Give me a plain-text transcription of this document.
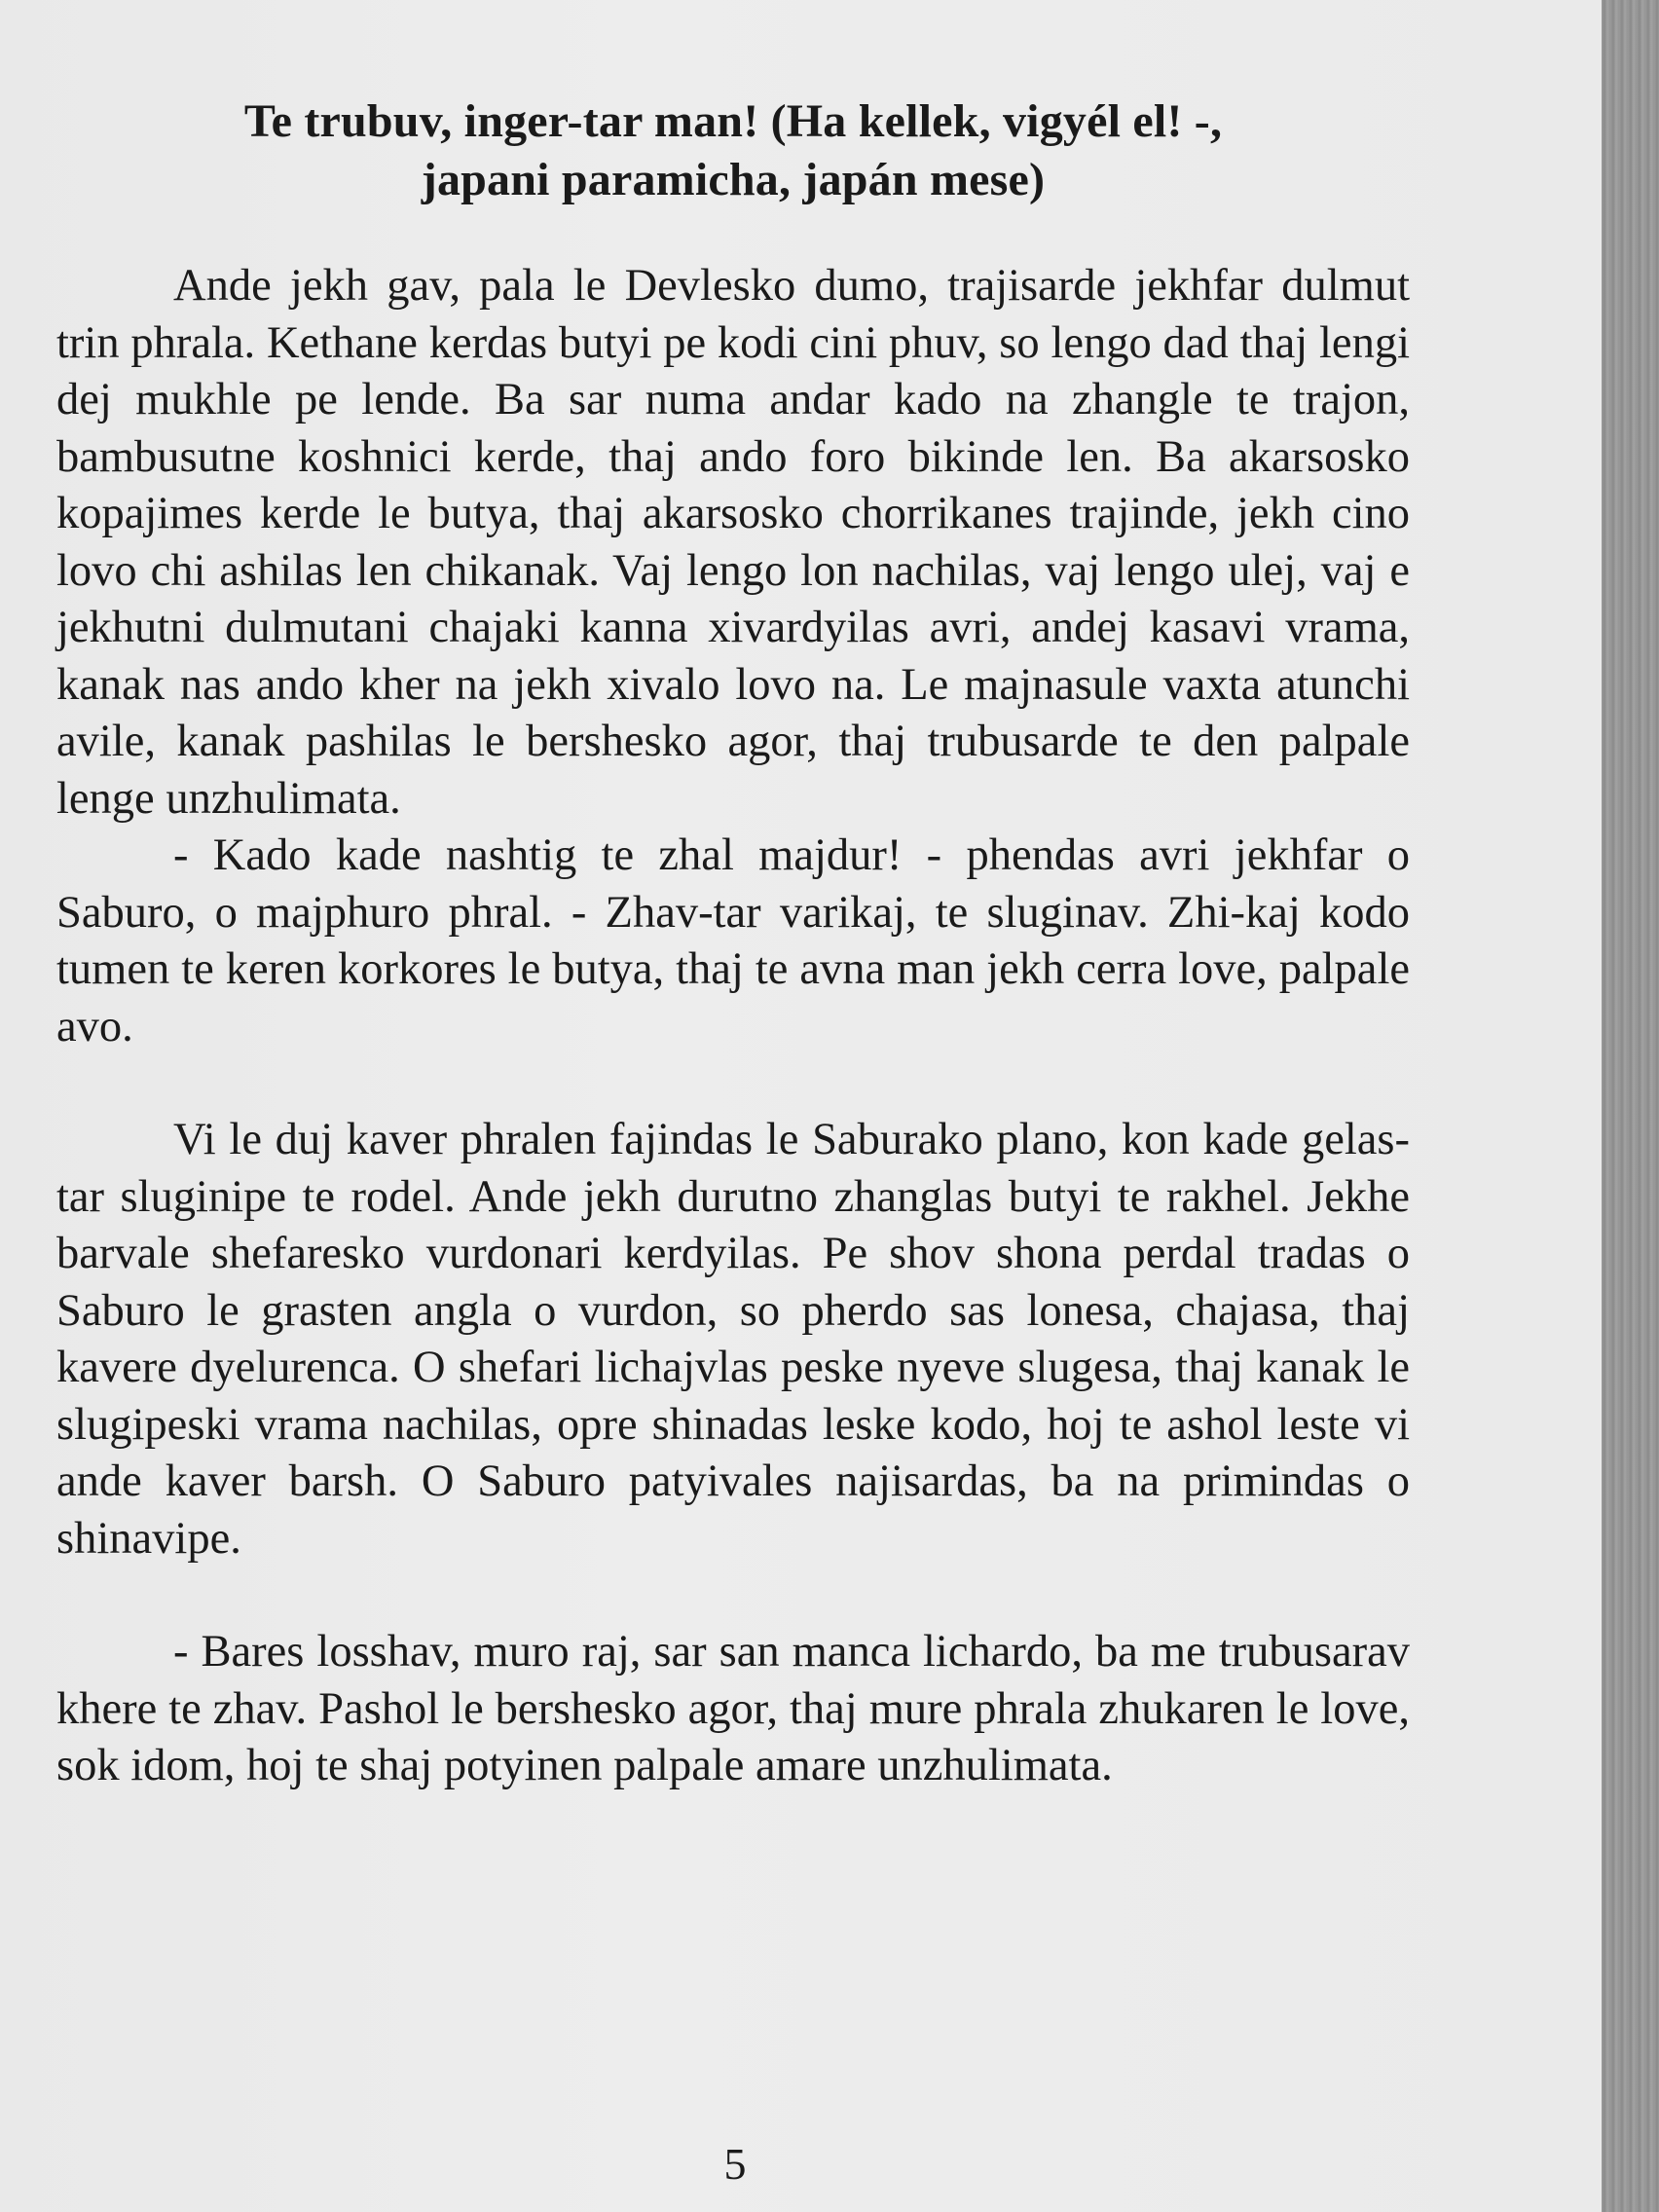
Te trubuv, inger-tar man! (Ha kellek, vigyél el! -,
japani paramicha, japán mese)

Ande jekh gav, pala le Devlesko dumo, trajisarde jekhfar dulmut trin phrala. Kethane kerdas butyi pe kodi cini phuv, so lengo dad thaj lengi dej mukhle pe lende. Ba sar numa andar kado na zhangle te trajon, bambusutne koshnici kerde, thaj ando foro bikinde len. Ba akarsosko kopajimes kerde le butya, thaj akarsosko chorrikanes trajinde, jekh cino lovo chi ashilas len chikanak. Vaj lengo lon nachilas, vaj lengo ulej, vaj e jekhutni dulmutani chajaki kanna xivardyilas avri, andej kasavi vrama, kanak nas ando kher na jekh xivalo lovo na. Le majnasule vaxta atunchi avile, kanak pashilas le bershesko agor, thaj trubusarde te den palpale lenge unzhulimata.

- Kado kade nashtig te zhal majdur! - phendas avri jekhfar o Saburo, o majphuro phral. - Zhav-tar varikaj, te sluginav. Zhi-kaj kodo tumen te keren korkores le butya, thaj te avna man jekh cerra love, palpale avo.

Vi le duj kaver phralen fajindas le Saburako plano, kon kade gelas-tar sluginipe te rodel. Ande jekh durutno zhanglas butyi te rakhel. Jekhe barvale shefaresko vurdonari kerdyilas. Pe shov shona perdal tradas o Saburo le grasten angla o vurdon, so pherdo sas lonesa, chajasa, thaj kavere dyelurenca. O shefari lichajvlas peske nyeve slugesa, thaj kanak le slugipeski vrama nachilas, opre shinadas leske kodo, hoj te ashol leste vi ande kaver barsh. O Saburo patyivales najisardas, ba na primindas o shinavipe.

- Bares losshav, muro raj, sar san manca lichardo, ba me trubusarav khere te zhav. Pashol le bershesko agor, thaj mure phrala zhukaren le love, sok idom, hoj te shaj potyinen palpale amare unzhulimata.

5
